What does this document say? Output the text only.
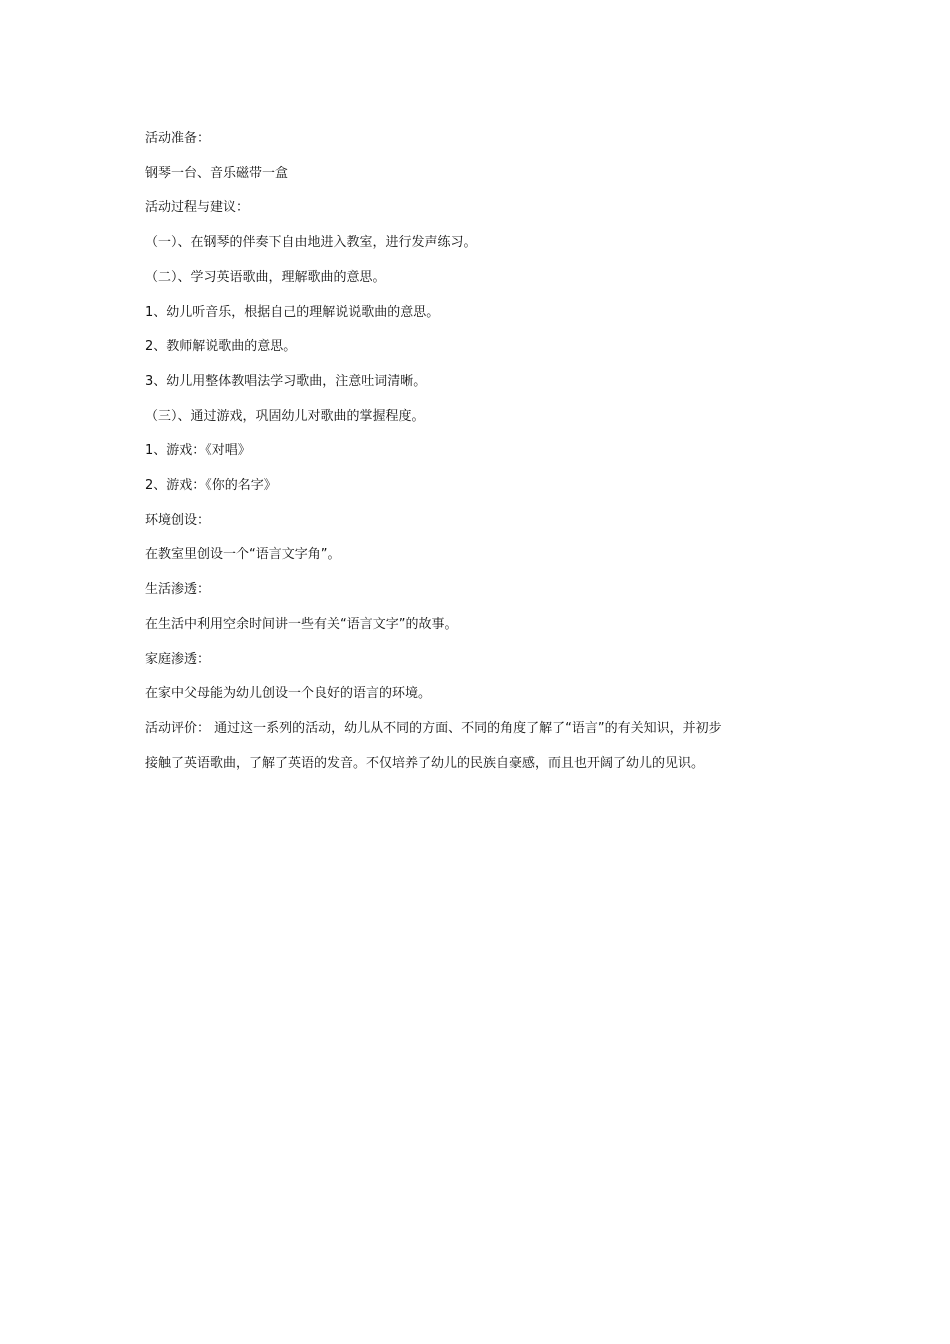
活动准备：
钢琴一台、音乐磁带一盒
活动过程与建议：
（一）、在钢琴的伴奏下自由地进入教室，进行发声练习。
（二）、学习英语歌曲，理解歌曲的意思。
1、幼儿听音乐，根据自己的理解说说歌曲的意思。
2、教师解说歌曲的意思。
3、幼儿用整体教唱法学习歌曲，注意吐词清晰。
（三）、通过游戏，巩固幼儿对歌曲的掌握程度。
1、游戏：《对唱》
2、游戏：《你的名字》
环境创设：
在教室里创设一个“语言文字角”。
生活渗透：
在生活中利用空余时间讲一些有关“语言文字”的故事。
家庭渗透：
在家中父母能为幼儿创设一个良好的语言的环境。
活动评价： 通过这一系列的活动，幼儿从不同的方面、不同的角度了解了“语言”的有关知识，并初步
接触了英语歌曲，了解了英语的发音。不仅培养了幼儿的民族自豪感，而且也开阔了幼儿的见识。
